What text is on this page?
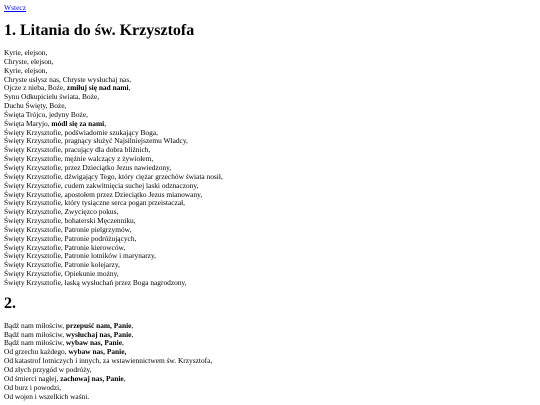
Wstecz
1. Litania do św. Krzysztofa
Kyrie, elejson,
Chryste, elejson,
Kyrie, elejson,
Chryste usłysz nas, Chryste wysłuchaj nas,
Ojcze z nieba, Boże, zmiłuj się nad nami,
Synu Odkupicielu świata, Boże,
Duchu Święty, Boże,
Święta Trójco, jedyny Boże,
Święta Maryjo, módl się za nami,
Święty Krzysztofie, podświadomie szukający Boga,
Święty Krzysztofie, pragnący służyć Najsilniejszemu Władcy,
Święty Krzysztofie, pracujący dla dobra bliźnich,
Święty Krzysztofie, mężnie walczący z żywiołem,
Święty Krzysztofie, przez Dzieciątko Jezus nawiedzony,
Święty Krzysztofie, dźwigający Tego, który ciężar grzechów świata nosił,
Święty Krzysztofie, cudem zakwitnięcia suchej laski odznaczony,
Święty Krzysztofie, apostołem przez Dzieciątko Jezus mianowany,
Święty Krzysztofie, który tysiączne serca pogan przeistaczał,
Święty Krzysztofie, Zwycięzco pokus,
Święty Krzysztofie, bohaterski Męczenniku,
Święty Krzysztofie, Patronie pielgrzymów,
Święty Krzysztofie, Patronie podróżujących,
Święty Krzysztofie, Patronie kierowców,
Święty Krzysztofie, Patronie lotników i marynarzy,
Święty Krzysztofie, Patronie kolejarzy,
Święty Krzysztofie, Opiekunie możny,
Święty Krzysztofie, łaską wysłuchań przez Boga nagrodzony,
2.
Bądź nam miłościw, przepuść nam, Panie,
Bądź nam miłościw, wysłuchaj nas, Panie,
Bądź nam miłościw, wybaw nas, Panie,
Od grzechu każdego, wybaw nas, Panie,
Od katastrof lotniczych i innych, za wstawiennictwem św. Krzysztofa,
Od złych przygód w podróży,
Od śmierci nagłej, zachowaj nas, Panie,
Od burz i powodzi,
Od wojen i wszelkich waśni.
